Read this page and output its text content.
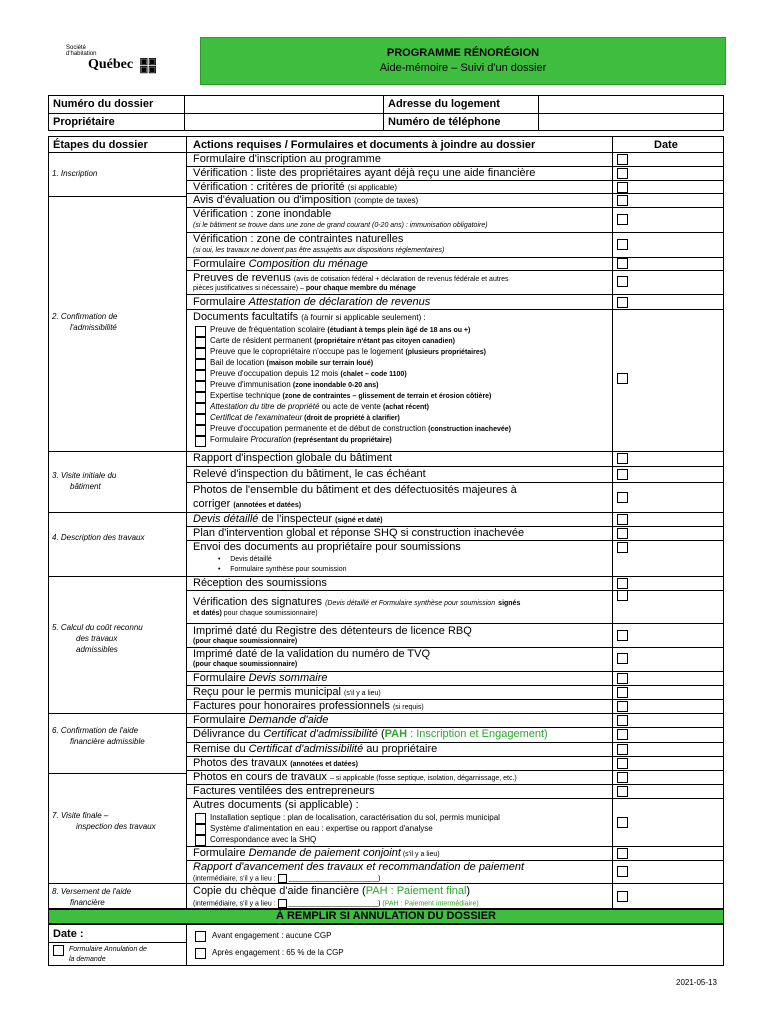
Société
d'habitation
Québec ▣▣
▣▣
PROGRAMME RÉNORÉGION
Aide-mémoire – Suivi d'un dossier
Numéro du dossier
Propriétaire
Adresse du logement
Numéro de téléphone
Étapes du dossier	Actions requises / Formulaires et documents à joindre au dossier	Date
1. Inscription
2. Confirmation de
l'admissibilité
3. Visite initiale du
bâtiment
4. Description des travaux
5. Calcul du coût reconnu
des travaux
admissibles
6. Confirmation de l'aide
financière admissible
7. Visite finale –
inspection des travaux
8. Versement de l'aide
financière
Formulaire d'inscription au programme
Vérification : liste des propriétaires ayant déjà reçu une aide financière
Vérification : critères de priorité (si applicable)
Avis d'évaluation ou d'imposition (compte de taxes)
Vérification : zone inondable
(si le bâtiment se trouve dans une zone de grand courant (0-20 ans) : immunisation obligatoire)
Vérification : zone de contraintes naturelles
(si oui, les travaux ne doivent pas être assujettis aux dispositions réglementaires)
Formulaire Composition du ménage
Preuves de revenus (avis de cotisation fédéral + déclaration de revenus fédérale et autres
pièces justificatives si nécessaire) – pour chaque membre du ménage
Formulaire Attestation de déclaration de revenus
Documents facultatifs (à fournir si applicable seulement) :
Preuve de fréquentation scolaire (étudiant à temps plein âgé de 18 ans ou +)
Carte de résident permanent (propriétaire n'étant pas citoyen canadien)
Preuve que le copropriétaire n'occupe pas le logement (plusieurs propriétaires)
Bail de location (maison mobile sur terrain loué)
Preuve d'occupation depuis 12 mois (chalet – code 1100)
Preuve d'immunisation (zone inondable 0-20 ans)
Expertise technique (zone de contraintes – glissement de terrain et érosion côtière)
Attestation du titre de propriété ou acte de vente (achat récent)
Certificat de l'examinateur (droit de propriété à clarifier)
Preuve d'occupation permanente et de début de construction (construction inachevée)
Formulaire Procuration (représentant du propriétaire)
Rapport d'inspection globale du bâtiment
Relevé d'inspection du bâtiment, le cas échéant
Photos de l'ensemble du bâtiment et des défectuosités majeures à
corriger (annotées et datées)
Devis détaillé de l'inspecteur (signé et daté)
Plan d'intervention global et réponse SHQ si construction inachevée
Envoi des documents au propriétaire pour soumissions
•     Devis détaillé
•     Formulaire synthèse pour soumission
Réception des soumissions
Vérification des signatures (Devis détaillé et Formulaire synthèse pour soumission signés
et datés) pour chaque soumissionnaire)
Imprimé daté du Registre des détenteurs de licence RBQ
(pour chaque soumissionnaire)
Imprimé daté de la validation du numéro de TVQ
(pour chaque soumissionnaire)
Formulaire Devis sommaire
Reçu pour le permis municipal (s'il y a lieu)
Factures pour honoraires professionnels (si requis)
Formulaire Demande d'aide
Délivrance du Certificat d'admissibilité (PAH : Inscription et Engagement)
Remise du Certificat d'admissibilité au propriétaire
Photos des travaux (annotées et datées)
Photos en cours de travaux – si applicable (fosse septique, isolation, dégarnissage, etc.)
Factures ventilées des entrepreneurs
Autres documents (si applicable) :
Installation septique : plan de localisation, caractérisation du sol, permis municipal
Système d'alimentation en eau : expertise ou rapport d'analyse
Correspondance avec la SHQ
Formulaire Demande de paiement conjoint (s'il y a lieu)
Rapport d'avancement des travaux et recommandation de paiement
(intermédiaire, s'il y a lieu : _______________________)
Copie du chèque d'aide financière (PAH : Paiement final)
(intermédiaire, s'il y a lieu : _______________________) (PAH : Paiement intermédiaire)
À REMPLIR SI ANNULATION DU DOSSIER
Date :
Formulaire Annulation de
la demande
Avant engagement : aucune CGP
Après engagement : 65 % de la CGP
2021-05-13
